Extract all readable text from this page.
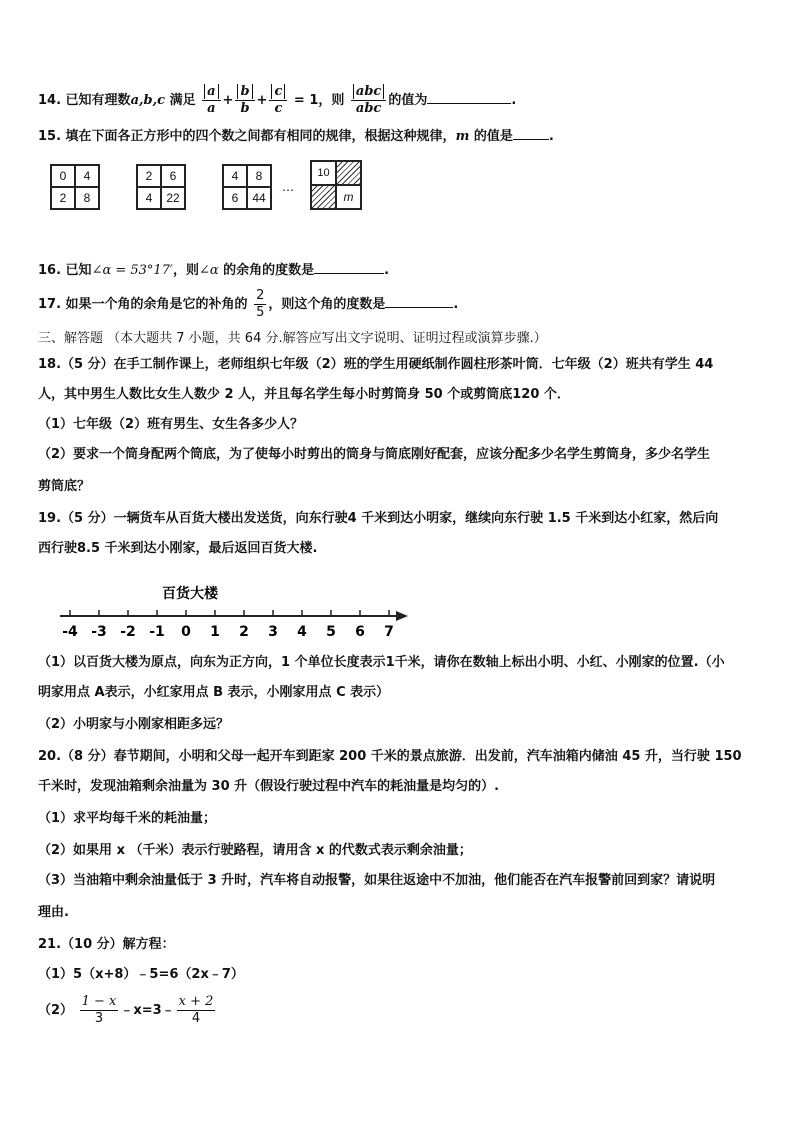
14. 已知有理数a,b,c 满足 $\frac{a}{a} + \frac{b}{b} + \frac{c}{c} = 1$，则 $\frac{\text{abc}}{\text{abc}}$ 的值为	.
15. 填在下面各正方形中的四个数之间都有相同的规律，根据这种规律，m 的值是	.
0	4
2	8
2	6
4	22
4	8
6	44
…
10
m
16. 已知∠α = 53°17′，则∠α 的余角的度数是	.
17. 如果一个角的余角是它的补角的 $\frac{2}{5}$ ，则这个角的度数是	.
三、解答题 （本大题共 7 小题，共 64 分.解答应写出文字说明、证明过程或演算步骤.）
18.（5 分）在手工制作课上，老师组织七年级（2）班的学生用硬纸制作圆柱形茶叶筒．七年级（2）班共有学生 44
人，其中男生人数比女生人数少 2 人，并且每名学生每小时剪筒身 50 个或剪筒底120 个．
（1）七年级（2）班有男生、女生各多少人？
（2）要求一个筒身配两个筒底，为了使每小时剪出的筒身与筒底刚好配套，应该分配多少名学生剪筒身，多少名学生
剪筒底？
19.（5 分）一辆货车从百货大楼出发送货，向东行驶4 千米到达小明家，继续向东行驶 1.5 千米到达小红家，然后向
西行驶8.5 千米到达小刚家，最后返回百货大楼.
百货大楼
-4 -3 -2 -1 0 1 2 3 4 5 6 7
（1）以百货大楼为原点，向东为正方向，1 个单位长度表示1千米，请你在数轴上标出小明、小红、小刚家的位置.（小
明家用点 A表示，小红家用点 B 表示，小刚家用点 C 表示）
（2）小明家与小刚家相距多远？
20.（8 分）春节期间，小明和父母一起开车到距家 200 千米的景点旅游．出发前，汽车油箱内储油 45 升，当行驶 150
千米时，发现油箱剩余油量为 30 升（假设行驶过程中汽车的耗油量是均匀的）.
（1）求平均每千米的耗油量；
（2）如果用 x （千米）表示行驶路程，请用含 x 的代数式表示剩余油量；
（3）当油箱中剩余油量低于 3 升时，汽车将自动报警，如果往返途中不加油，他们能否在汽车报警前回到家？请说明
理由.
21.（10 分）解方程：
（1）5（x+8）﹣5=6（2x﹣7）
$(2) \frac{1 - x}{3}$ ﹣x=3﹣ $\frac{x + 2}{4}$
